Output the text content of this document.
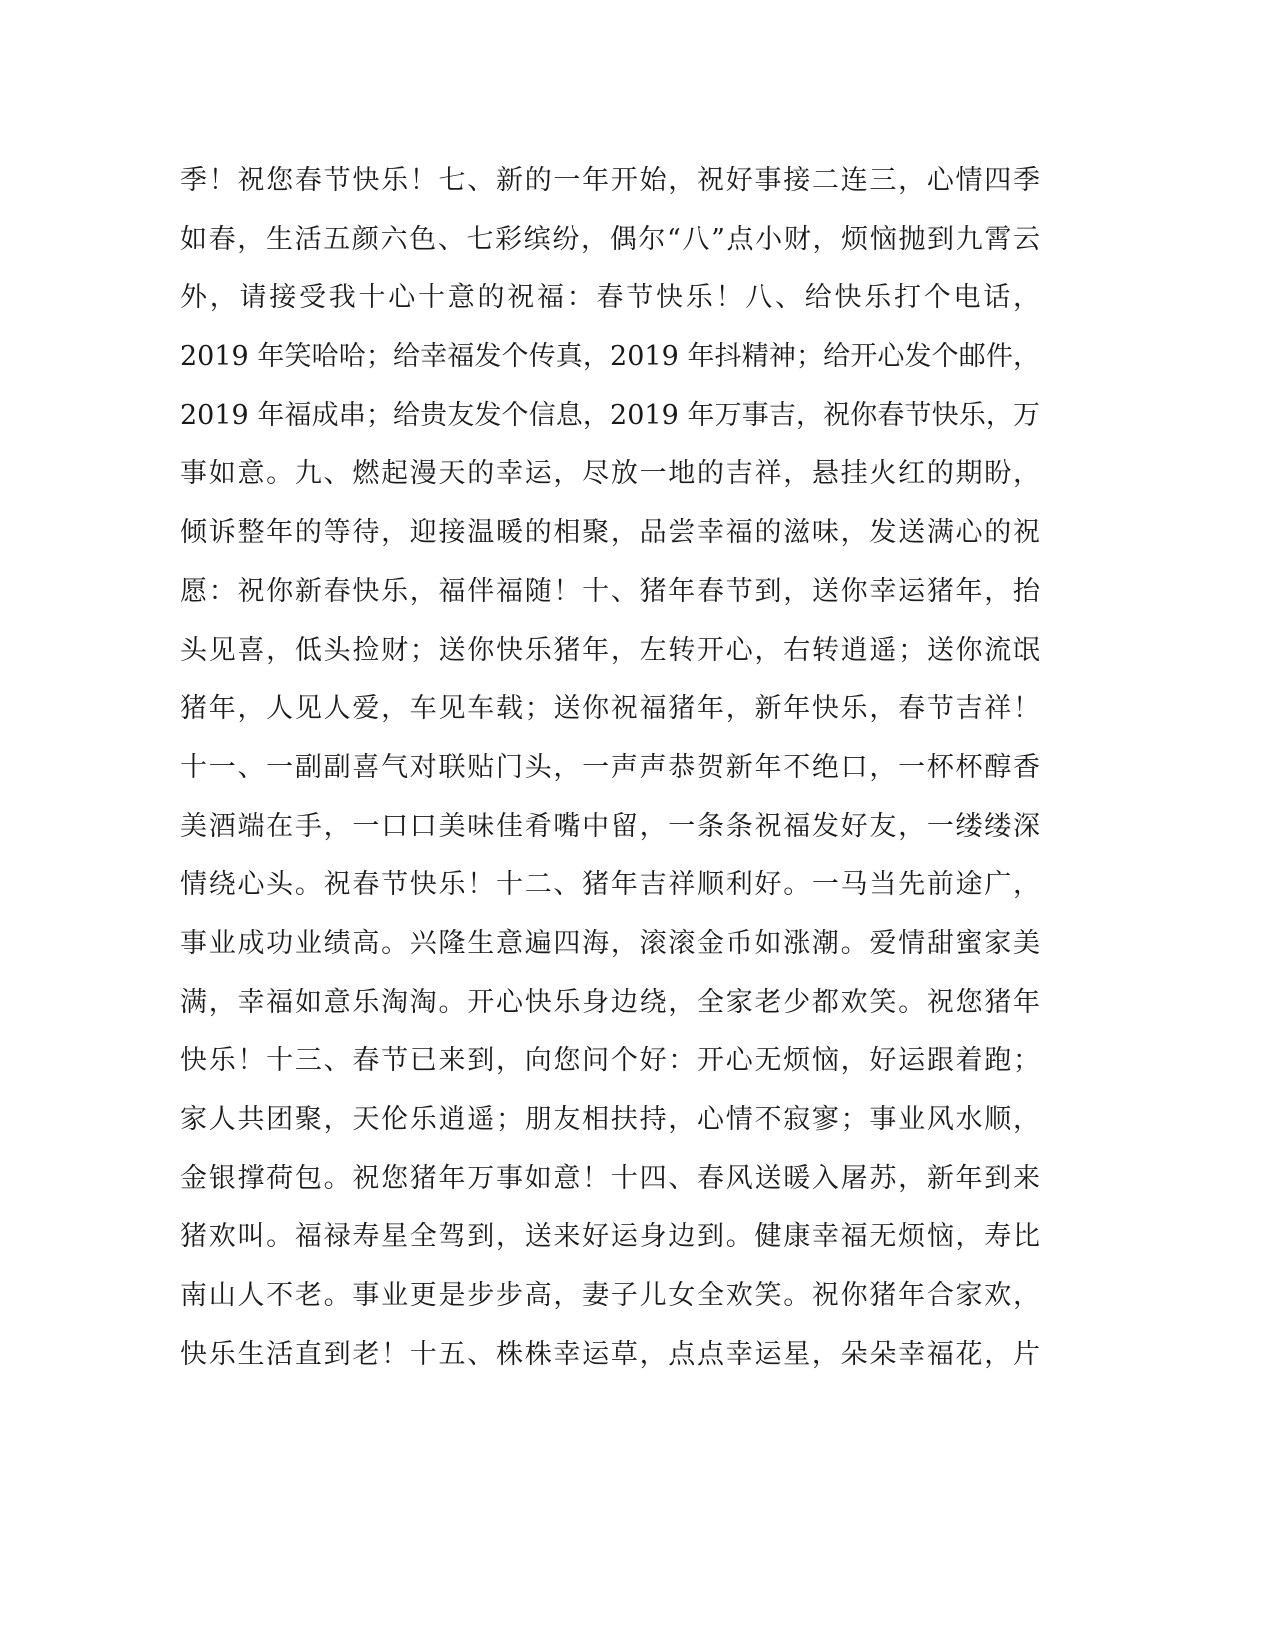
季！祝您春节快乐！七、新的一年开始，祝好事接二连三，心情四季
如春，生活五颜六色、七彩缤纷，偶尔“八”点小财，烦恼抛到九霄云
外，请接受我十心十意的祝福：春节快乐！八、给快乐打个电话，
2019 年笑哈哈；给幸福发个传真，2019 年抖精神；给开心发个邮件，
2019 年福成串；给贵友发个信息，2019 年万事吉，祝你春节快乐，万
事如意。九、燃起漫天的幸运，尽放一地的吉祥，悬挂火红的期盼，
倾诉整年的等待，迎接温暖的相聚，品尝幸福的滋味，发送满心的祝
愿：祝你新春快乐，福伴福随！十、猪年春节到，送你幸运猪年，抬
头见喜，低头捡财；送你快乐猪年，左转开心，右转逍遥；送你流氓
猪年，人见人爱，车见车载；送你祝福猪年，新年快乐，春节吉祥！
十一、一副副喜气对联贴门头，一声声恭贺新年不绝口，一杯杯醇香
美酒端在手，一口口美味佳肴嘴中留，一条条祝福发好友，一缕缕深
情绕心头。祝春节快乐！十二、猪年吉祥顺利好。一马当先前途广，
事业成功业绩高。兴隆生意遍四海，滚滚金币如涨潮。爱情甜蜜家美
满，幸福如意乐淘淘。开心快乐身边绕，全家老少都欢笑。祝您猪年
快乐！十三、春节已来到，向您问个好：开心无烦恼，好运跟着跑；
家人共团聚，天伦乐逍遥；朋友相扶持，心情不寂寥；事业风水顺，
金银撑荷包。祝您猪年万事如意！十四、春风送暖入屠苏，新年到来
猪欢叫。福禄寿星全驾到，送来好运身边到。健康幸福无烦恼，寿比
南山人不老。事业更是步步高，妻子儿女全欢笑。祝你猪年合家欢，
快乐生活直到老！十五、株株幸运草，点点幸运星，朵朵幸福花，片
